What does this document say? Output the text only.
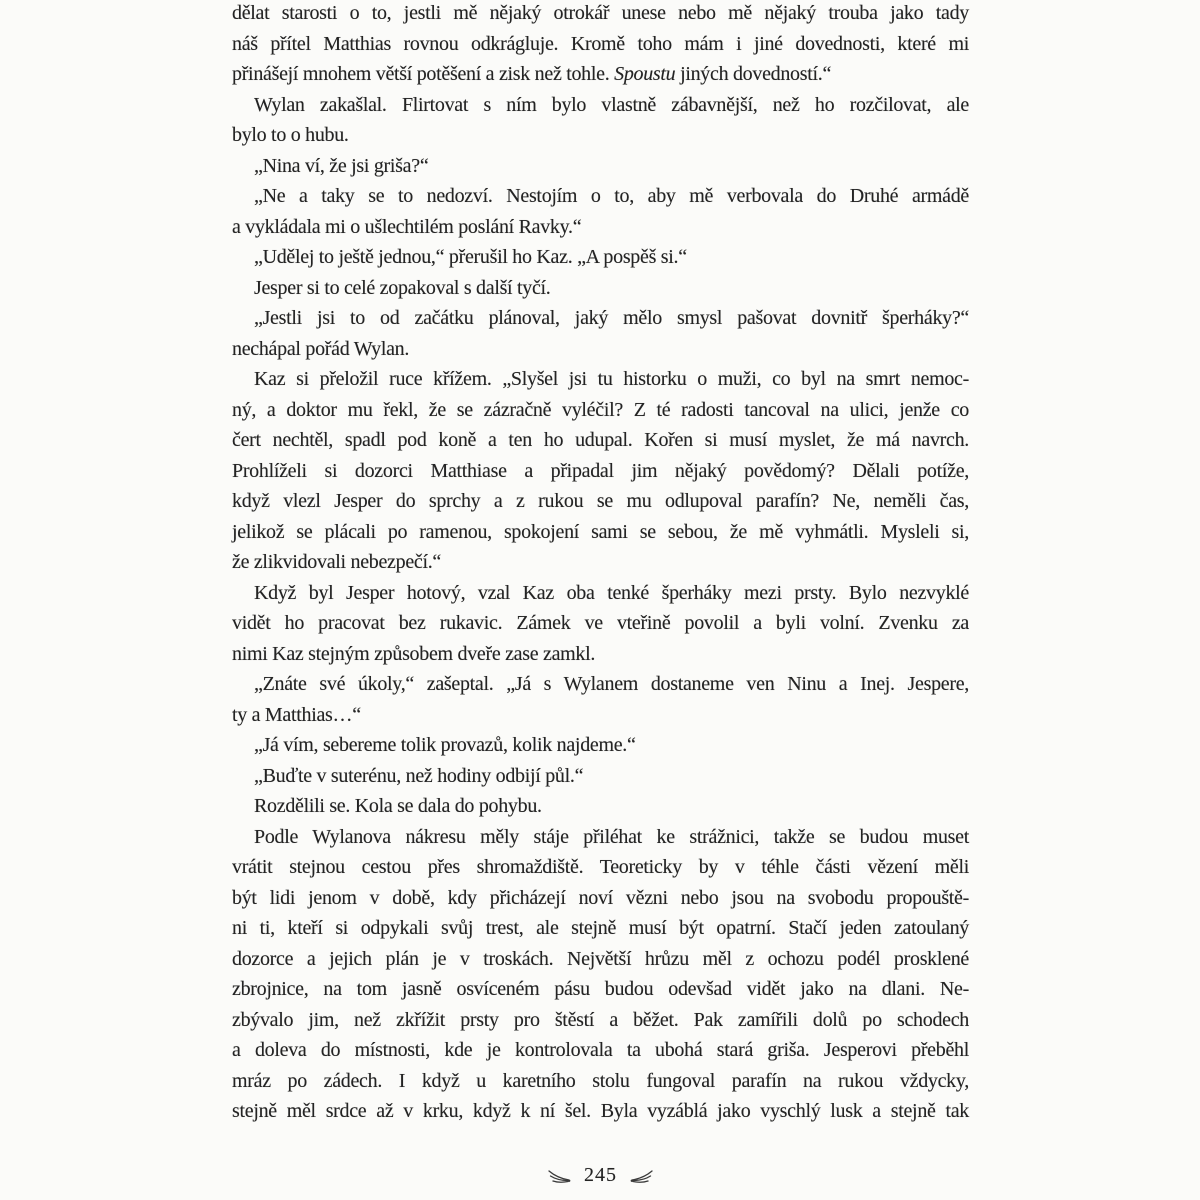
dělat starosti o to, jestli mě nějaký otrokář unese nebo mě nějaký trouba jako tady
náš přítel Matthias rovnou odkrágluje. Kromě toho mám i jiné dovednosti, které mi
přinášejí mnohem větší potěšení a zisk než tohle. Spoustu jiných dovedností.“
Wylan zakašlal. Flirtovat s ním bylo vlastně zábavnější, než ho rozčilovat, ale
bylo to o hubu.
„Nina ví, že jsi griša?“
„Ne a taky se to nedozví. Nestojím o to, aby mě verbovala do Druhé armádě
a vykládala mi o ušlechtilém poslání Ravky.“
„Udělej to ještě jednou,“ přerušil ho Kaz. „A pospěš si.“
Jesper si to celé zopakoval s další tyčí.
„Jestli jsi to od začátku plánoval, jaký mělo smysl pašovat dovnitř šperháky?“
nechápal pořád Wylan.
Kaz si přeložil ruce křížem. „Slyšel jsi tu historku o muži, co byl na smrt nemoc-
ný, a doktor mu řekl, že se zázračně vyléčil? Z té radosti tancoval na ulici, jenže co
čert nechtěl, spadl pod koně a ten ho udupal. Kořen si musí myslet, že má navrch.
Prohlíželi si dozorci Matthiase a připadal jim nějaký povědomý? Dělali potíže,
když vlezl Jesper do sprchy a z rukou se mu odlupoval parafín? Ne, neměli čas,
jelikož se plácali po ramenou, spokojení sami se sebou, že mě vyhmátli. Mysleli si,
že zlikvidovali nebezpečí.“
Když byl Jesper hotový, vzal Kaz oba tenké šperháky mezi prsty. Bylo nezvyklé
vidět ho pracovat bez rukavic. Zámek ve vteřině povolil a byli volní. Zvenku za
nimi Kaz stejným způsobem dveře zase zamkl.
„Znáte své úkoly,“ zašeptal. „Já s Wylanem dostaneme ven Ninu a Inej. Jespere,
ty a Matthias…“
„Já vím, sebereme tolik provazů, kolik najdeme.“
„Buďte v suterénu, než hodiny odbijí půl.“
Rozdělili se. Kola se dala do pohybu.
Podle Wylanova nákresu měly stáje přiléhat ke strážnici, takže se budou muset
vrátit stejnou cestou přes shromaždiště. Teoreticky by v téhle části vězení měli
být lidi jenom v době, kdy přicházejí noví vězni nebo jsou na svobodu propouště-
ni ti, kteří si odpykali svůj trest, ale stejně musí být opatrní. Stačí jeden zatoulaný
dozorce a jejich plán je v troskách. Největší hrůzu měl z ochozu podél prosklené
zbrojnice, na tom jasně osvíceném pásu budou odevšad vidět jako na dlani. Ne-
zbývalo jim, než zkřížit prsty pro štěstí a běžet. Pak zamířili dolů po schodech
a doleva do místnosti, kde je kontrolovala ta ubohá stará griša. Jesperovi přeběhl
mráz po zádech. I když u karetního stolu fungoval parafín na rukou vždycky,
stejně měl srdce až v krku, když k ní šel. Byla vyzáblá jako vyschlý lusk a stejně tak
245
